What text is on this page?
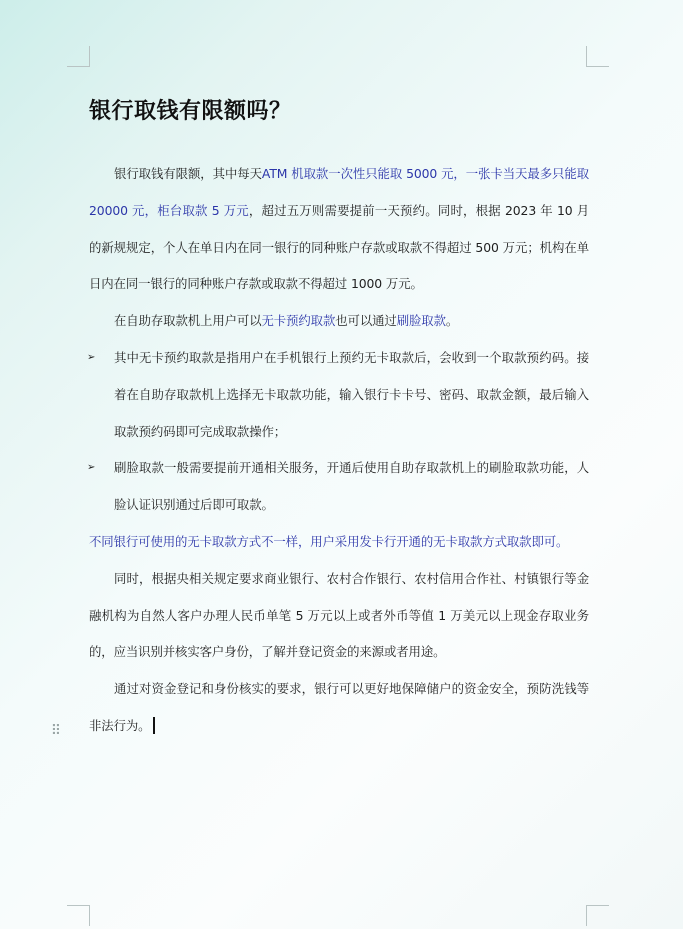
银行取钱有限额吗？

银行取钱有限额，其中每天ATM 机取款一次性只能取 5000 元，一张卡当天最多只能取 20000 元，柜台取款 5 万元，超过五万则需要提前一天预约。同时，根据 2023 年 10 月的新规规定，个人在单日内在同一银行的同种账户存款或取款不得超过 500 万元；机构在单日内在同一银行的同种账户存款或取款不得超过 1000 万元。

在自助存取款机上用户可以无卡预约取款也可以通过刷脸取款。

➢ 其中无卡预约取款是指用户在手机银行上预约无卡取款后，会收到一个取款预约码。接着在自助存取款机上选择无卡取款功能，输入银行卡卡号、密码、取款金额，最后输入取款预约码即可完成取款操作；

➢ 刷脸取款一般需要提前开通相关服务，开通后使用自助存取款机上的刷脸取款功能，人脸认证识别通过后即可取款。

不同银行可使用的无卡取款方式不一样，用户采用发卡行开通的无卡取款方式取款即可。

同时，根据央相关规定要求商业银行、农村合作银行、农村信用合作社、村镇银行等金融机构为自然人客户办理人民币单笔 5 万元以上或者外币等值 1 万美元以上现金存取业务的，应当识别并核实客户身份，了解并登记资金的来源或者用途。

通过对资金登记和身份核实的要求，银行可以更好地保障储户的资金安全，预防洗钱等非法行为。

⠿
